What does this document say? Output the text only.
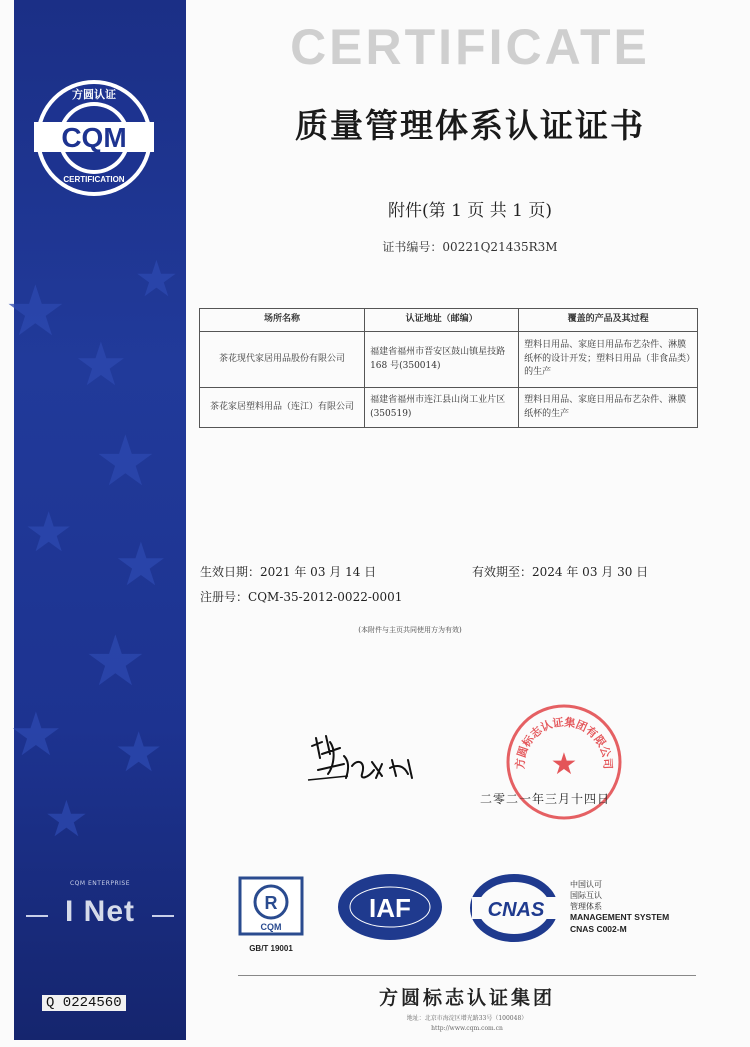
★
★
★
★
★ ★
★
★ ★
★
方圆认证
CQM
CERTIFICATION
CQM ENTERPRISE
I Net
Q 0224560
CERTIFICATE
质量管理体系认证证书
附件(第 1 页 共 1 页)
证书编号：00221Q21435R3M
场所名称	认证地址（邮编）	覆盖的产品及其过程
茶花现代家居用品股份有限公司	福建省福州市晋安区鼓山镇星技路 168 号(350014)	塑料日用品、家庭日用品布艺杂件、淋膜纸杯的设计开发；塑料日用品（非食品类）的生产
茶花家居塑料用品（连江）有限公司	福建省福州市连江县山岗工业片区(350519)	塑料日用品、家庭日用品布艺杂件、淋膜纸杯的生产
生效日期：2021 年 03 月 14 日	有效期至：2024 年 03 月 30 日
注册号：CQM-35-2012-0022-0001
(本附件与主页共同使用方为有效)
方圆标志认证集团有限公司
★
二零二一年三月十四日
R
CQM
GB/T 19001
IAF	CNAS
中国认可
国际互认
管理体系
MANAGEMENT SYSTEM
CNAS C002-M
方圆标志认证集团
地址：北京市海淀区增光路33号（100048）
http://www.cqm.com.cn
